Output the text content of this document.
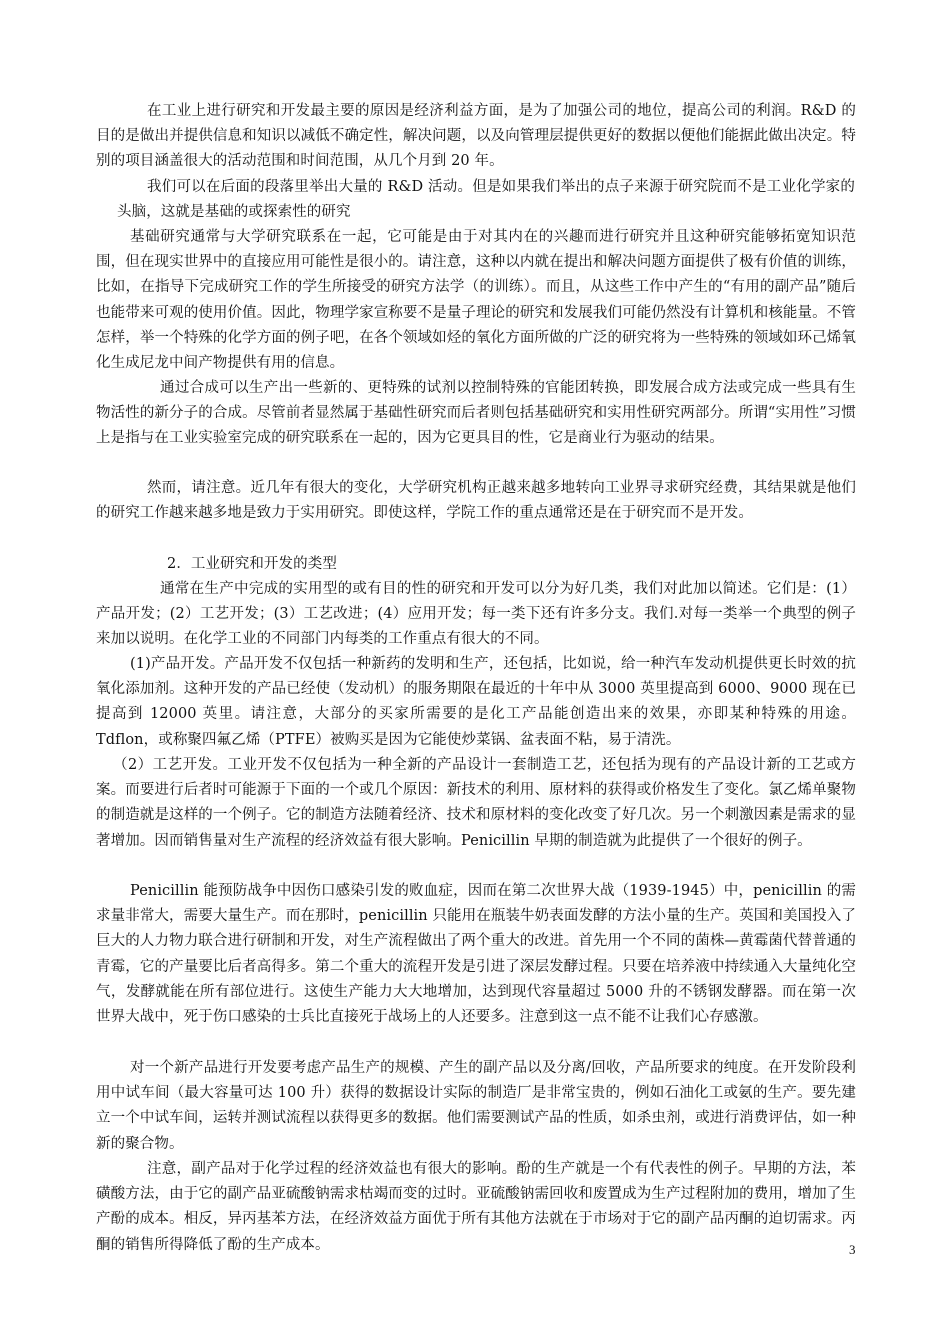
在工业上进行研究和开发最主要的原因是经济利益方面，是为了加强公司的地位，提高公司的利润。R&D 的目的是做出并提供信息和知识以减低不确定性，解决问题，以及向管理层提供更好的数据以便他们能据此做出决定。特别的项目涵盖很大的活动范围和时间范围，从几个月到 20 年。

我们可以在后面的段落里举出大量的 R&D 活动。但是如果我们举出的点子来源于研究院而不是工业化学家的头脑，这就是基础的或探索性的研究

基础研究通常与大学研究联系在一起，它可能是由于对其内在的兴趣而进行研究并且这种研究能够拓宽知识范围，但在现实世界中的直接应用可能性是很小的。请注意，这种以内就在提出和解决问题方面提供了极有价值的训练，比如，在指导下完成研究工作的学生所接受的研究方法学（的训练）。而且，从这些工作中产生的“有用的副产品”随后也能带来可观的使用价值。因此，物理学家宣称要不是量子理论的研究和发展我们可能仍然没有计算机和核能量。不管怎样，举一个特殊的化学方面的例子吧，在各个领域如烃的氧化方面所做的广泛的研究将为一些特殊的领域如环己烯氧化生成尼龙中间产物提供有用的信息。

通过合成可以生产出一些新的、更特殊的试剂以控制特殊的官能团转换，即发展合成方法或完成一些具有生物活性的新分子的合成。尽管前者显然属于基础性研究而后者则包括基础研究和实用性研究两部分。所谓“实用性”习惯上是指与在工业实验室完成的研究联系在一起的，因为它更具目的性，它是商业行为驱动的结果。

然而，请注意。近几年有很大的变化，大学研究机构正越来越多地转向工业界寻求研究经费，其结果就是他们的研究工作越来越多地是致力于实用研究。即使这样，学院工作的重点通常还是在于研究而不是开发。

2．工业研究和开发的类型

通常在生产中完成的实用型的或有目的性的研究和开发可以分为好几类，我们对此加以简述。它们是：(1）产品开发；(2）工艺开发；(3）工艺改进；(4）应用开发；每一类下还有许多分支。我们.对每一类举一个典型的例子来加以说明。在化学工业的不同部门内每类的工作重点有很大的不同。

(1)产品开发。产品开发不仅包括一种新药的发明和生产，还包括，比如说，给一种汽车发动机提供更长时效的抗氧化添加剂。这种开发的产品已经使（发动机）的服务期限在最近的十年中从 3000 英里提高到 6000、9000 现在已提高到 12000 英里。请注意，大部分的买家所需要的是化工产品能创造出来的效果，亦即某种特殊的用途。Tdflon，或称聚四氟乙烯（PTFE）被购买是因为它能使炒菜锅、盆表面不粘，易于清洗。

（2）工艺开发。工业开发不仅包括为一种全新的产品设计一套制造工艺，还包括为现有的产品设计新的工艺或方案。而要进行后者时可能源于下面的一个或几个原因：新技术的利用、原材料的获得或价格发生了变化。氯乙烯单聚物的制造就是这样的一个例子。它的制造方法随着经济、技术和原材料的变化改变了好几次。另一个刺激因素是需求的显著增加。因而销售量对生产流程的经济效益有很大影响。Penicillin 早期的制造就为此提供了一个很好的例子。

Penicillin 能预防战争中因伤口感染引发的败血症，因而在第二次世界大战（1939-1945）中，penicillin 的需求量非常大，需要大量生产。而在那时，penicillin 只能用在瓶装牛奶表面发酵的方法小量的生产。英国和美国投入了巨大的人力物力联合进行研制和开发，对生产流程做出了两个重大的改进。首先用一个不同的菌株—黄霉菌代替普通的青霉，它的产量要比后者高得多。第二个重大的流程开发是引进了深层发酵过程。只要在培养液中持续通入大量纯化空气，发酵就能在所有部位进行。这使生产能力大大地增加，达到现代容量超过 5000 升的不锈钢发酵器。而在第一次世界大战中，死于伤口感染的士兵比直接死于战场上的人还要多。注意到这一点不能不让我们心存感激。

对一个新产品进行开发要考虑产品生产的规模、产生的副产品以及分离/回收，产品所要求的纯度。在开发阶段利用中试车间（最大容量可达 100 升）获得的数据设计实际的制造厂是非常宝贵的，例如石油化工或氨的生产。要先建立一个中试车间，运转并测试流程以获得更多的数据。他们需要测试产品的性质，如杀虫剂，或进行消费评估，如一种新的聚合物。

注意，副产品对于化学过程的经济效益也有很大的影响。酚的生产就是一个有代表性的例子。早期的方法，苯磺酸方法，由于它的副产品亚硫酸钠需求枯竭而变的过时。亚硫酸钠需回收和废置成为生产过程附加的费用，增加了生产酚的成本。相反，异丙基苯方法，在经济效益方面优于所有其他方法就在于市场对于它的副产品丙酮的迫切需求。丙酮的销售所得降低了酚的生产成本。	3
